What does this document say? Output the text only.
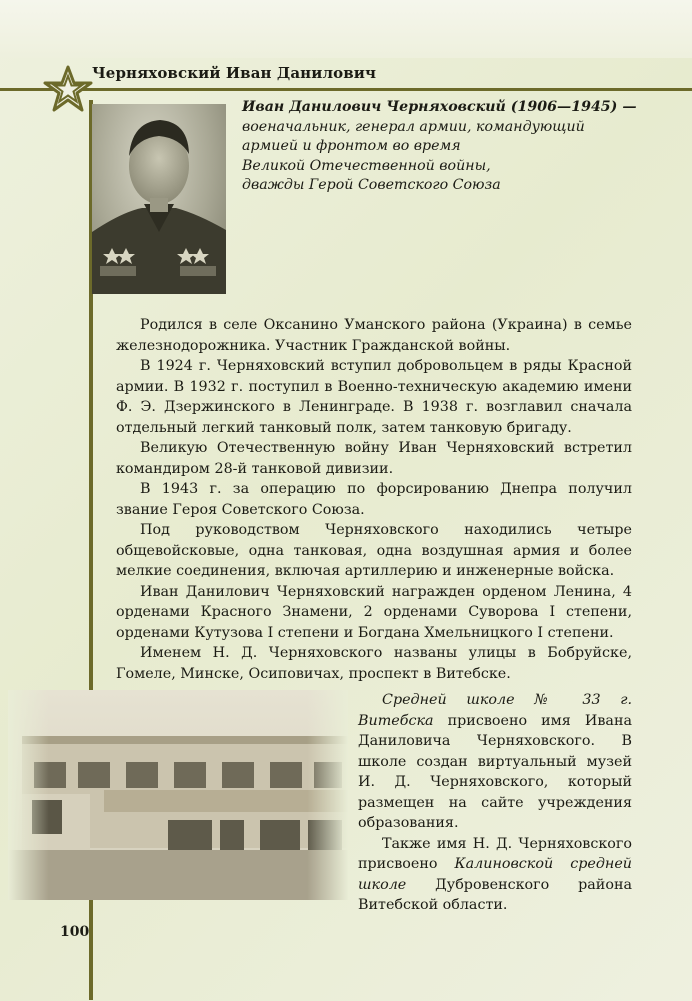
Черняховский Иван Данилович
Иван Данилович Черняховский (1906—1945) —
военачальник, генерал армии, командующий
армией и фронтом во время
Великой Отечественной войны,
дважды Герой Советского Союза

Родился в селе Оксанино Уманского района (Украина) в семье железнодорожника. Участник Гражданской войны.

В 1924 г. Черняховский вступил добровольцем в ряды Красной армии. В 1932 г. поступил в Военно-техническую академию имени Ф. Э. Дзержинского в Ленинграде. В 1938 г. возглавил сначала отдельный легкий танковый полк, затем танковую бригаду.

Великую Отечественную войну Иван Черняховский встретил командиром 28-й танковой дивизии.

В 1943 г. за операцию по форсированию Днепра получил звание Героя Советского Союза.

Под руководством Черняховского находились четыре общевойсковые, одна танковая, одна воздушная армия и более мелкие соединения, включая артиллерию и инженерные войска.

Иван Данилович Черняховский награжден орденом Ленина, 4 орденами Красного Знамени, 2 орденами Суворова I степени, орденами Кутузова I степени и Богдана Хмельницкого I степени.

Именем Н. Д. Черняховского названы улицы в Бобруйске, Гомеле, Минске, Осиповичах, проспект в Витебске.

Средней школе № 33 г. Витебска присвоено имя Ивана Даниловича Черняховского. В школе создан виртуальный музей И. Д. Черняховского, который размещен на сайте учреждения образования.

Также имя Н. Д. Черняховского присвоено Калиновской средней школе Дубровенского района Витебской области.

100
